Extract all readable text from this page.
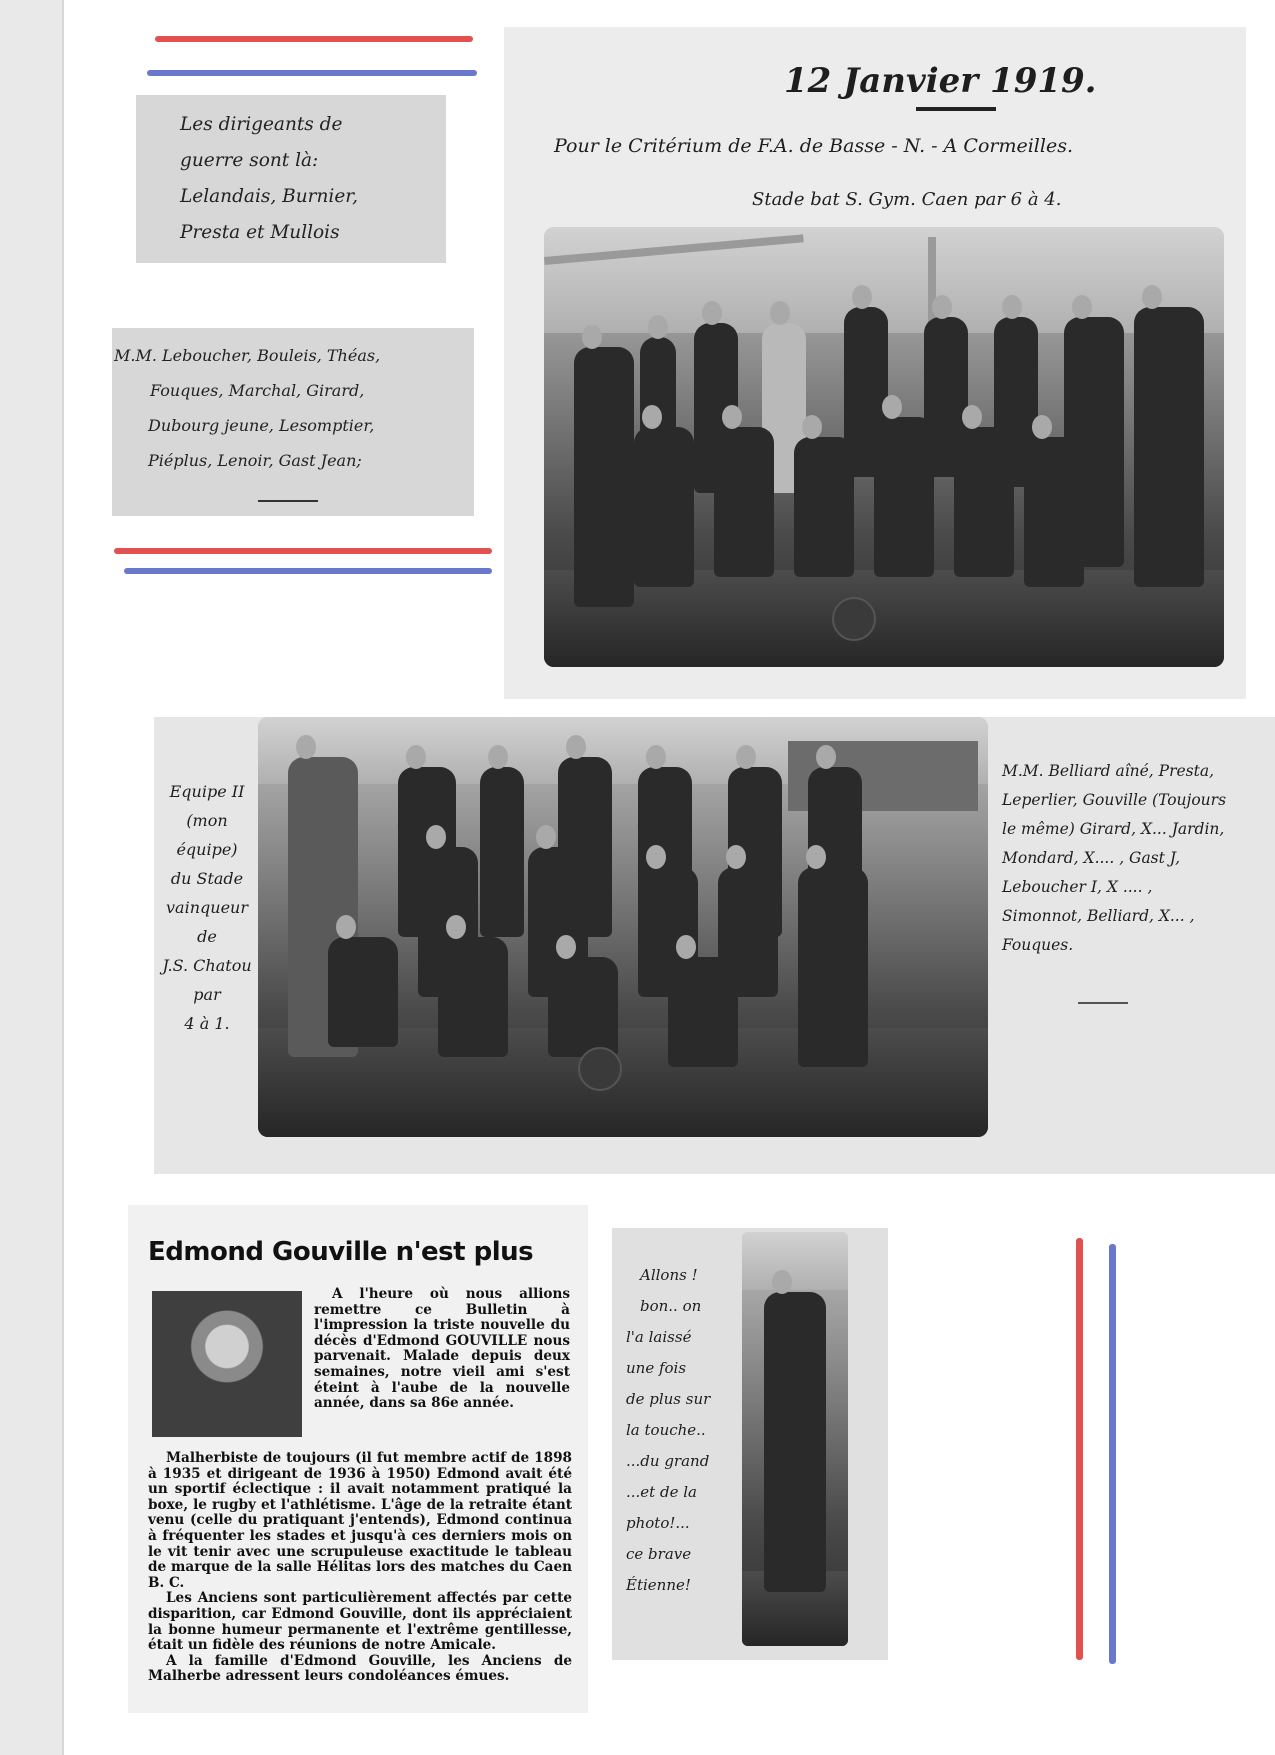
Les dirigeants de
guerre sont là:
Lelandais, Burnier,
Presta et Mullois
M.M. Leboucher, Bouleis, Théas,
Fouques, Marchal, Girard,
Dubourg jeune, Lesomptier,
Piéplus, Lenoir, Gast Jean;
12 Janvier 1919.
Pour le Critérium de F.A. de Basse - N. - A Cormeilles.
Stade bat S. Gym. Caen par 6 à 4.
Equipe II
(mon équipe)
du Stade
vainqueur
de
J.S. Chatou
par
4 à 1.
M.M. Belliard aîné, Presta,
Leperlier, Gouville (Toujours
le même) Girard, X... Jardin,
Mondard, X.... , Gast J,
Leboucher I, X .... ,
Simonnot, Belliard, X... ,
Fouques.
Edmond Gouville n'est plus

A l'heure où nous allions remettre ce Bulletin à l'impression la triste nouvelle du décès d'Edmond GOUVILLE nous parvenait. Malade depuis deux semaines, notre vieil ami s'est éteint à l'aube de la nouvelle année, dans sa 86e année.

Malherbiste de toujours (il fut membre actif de 1898 à 1935 et dirigeant de 1936 à 1950) Edmond avait été un sportif éclectique : il avait notamment pratiqué la boxe, le rugby et l'athlétisme. L'âge de la retraite étant venu (celle du pratiquant j'entends), Edmond continua à fréquenter les stades et jusqu'à ces derniers mois on le vit tenir avec une scrupuleuse exactitude le tableau de marque de la salle Hélitas lors des matches du Caen B. C.

Les Anciens sont particulièrement affectés par cette disparition, car Edmond Gouville, dont ils appréciaient la bonne humeur permanente et l'extrême gentillesse, était un fidèle des réunions de notre Amicale.

A la famille d'Edmond Gouville, les Anciens de Malherbe adressent leurs condoléances émues.

Allons !
bon.. on
l'a laissé
une fois
de plus sur
la touche..
...du grand
...et de la
photo!...
ce brave
Étienne!
